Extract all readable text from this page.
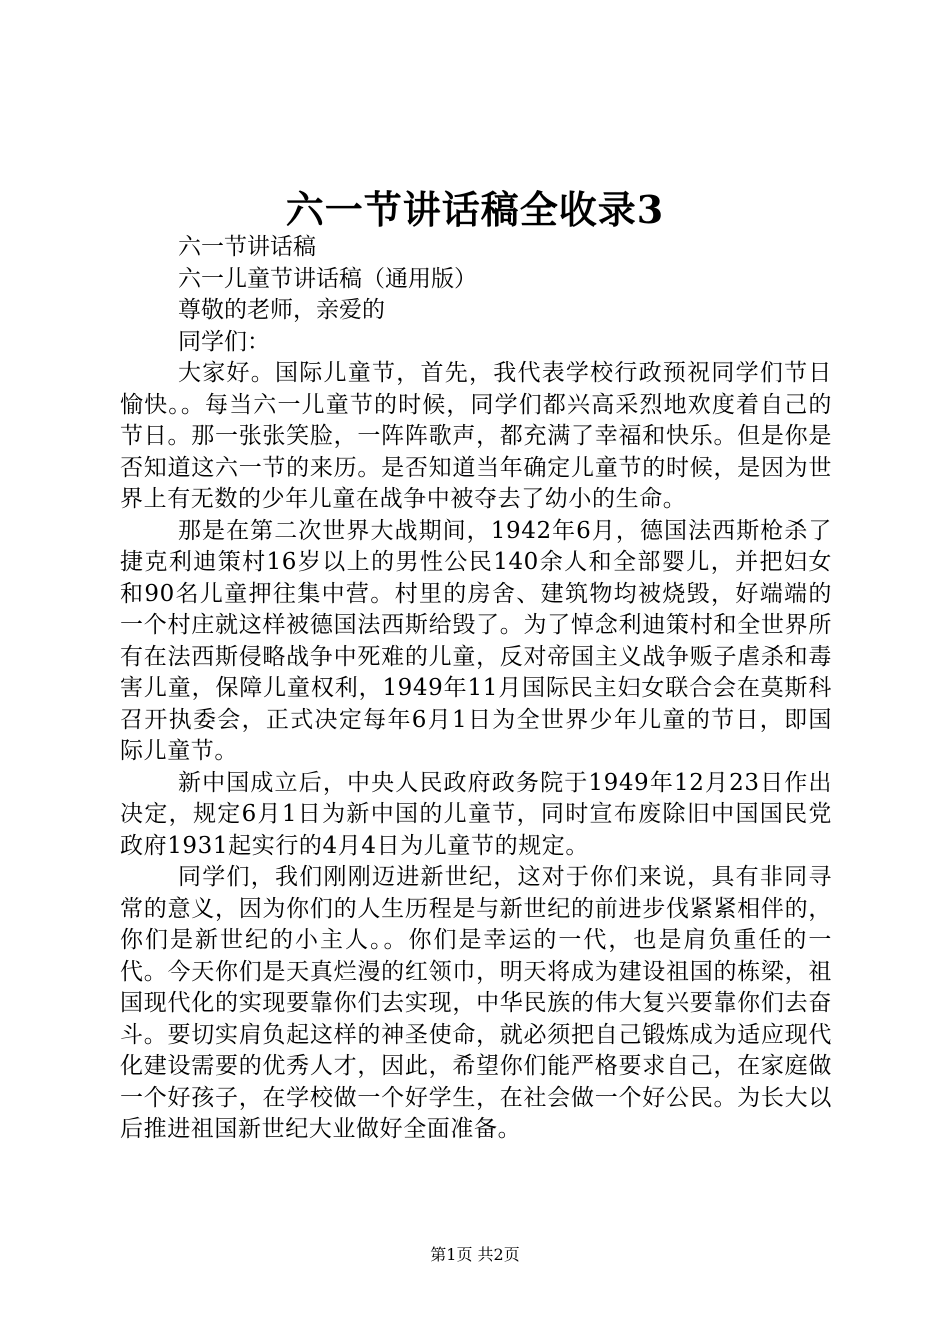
六一节讲话稿全收录3

六一节讲话稿

六一儿童节讲话稿（通用版）

尊敬的老师，亲爱的

同学们：

大家好。国际儿童节，首先，我代表学校行政预祝同学们节日愉快。。每当六一儿童节的时候，同学们都兴高采烈地欢度着自己的节日。那一张张笑脸，一阵阵歌声，都充满了幸福和快乐。但是你是否知道这六一节的来历。是否知道当年确定儿童节的时候，是因为世界上有无数的少年儿童在战争中被夺去了幼小的生命。

那是在第二次世界大战期间，1942年6月，德国法西斯枪杀了捷克利迪策村16岁以上的男性公民140余人和全部婴儿，并把妇女和90名儿童押往集中营。村里的房舍、建筑物均被烧毁，好端端的一个村庄就这样被德国法西斯给毁了。为了悼念利迪策村和全世界所有在法西斯侵略战争中死难的儿童，反对帝国主义战争贩子虐杀和毒害儿童，保障儿童权利，1949年11月国际民主妇女联合会在莫斯科召开执委会，正式决定每年6月1日为全世界少年儿童的节日，即国际儿童节。

新中国成立后，中央人民政府政务院于1949年12月23日作出决定，规定6月1日为新中国的儿童节，同时宣布废除旧中国国民党政府1931起实行的4月4日为儿童节的规定。

同学们，我们刚刚迈进新世纪，这对于你们来说，具有非同寻常的意义，因为你们的人生历程是与新世纪的前进步伐紧紧相伴的，你们是新世纪的小主人。。你们是幸运的一代，也是肩负重任的一代。今天你们是天真烂漫的红领巾，明天将成为建设祖国的栋梁，祖国现代化的实现要靠你们去实现，中华民族的伟大复兴要靠你们去奋斗。要切实肩负起这样的神圣使命，就必须把自己锻炼成为适应现代化建设需要的优秀人才，因此，希望你们能严格要求自己，在家庭做一个好孩子，在学校做一个好学生，在社会做一个好公民。为长大以后推进祖国新世纪大业做好全面准备。

第1页 共2页
